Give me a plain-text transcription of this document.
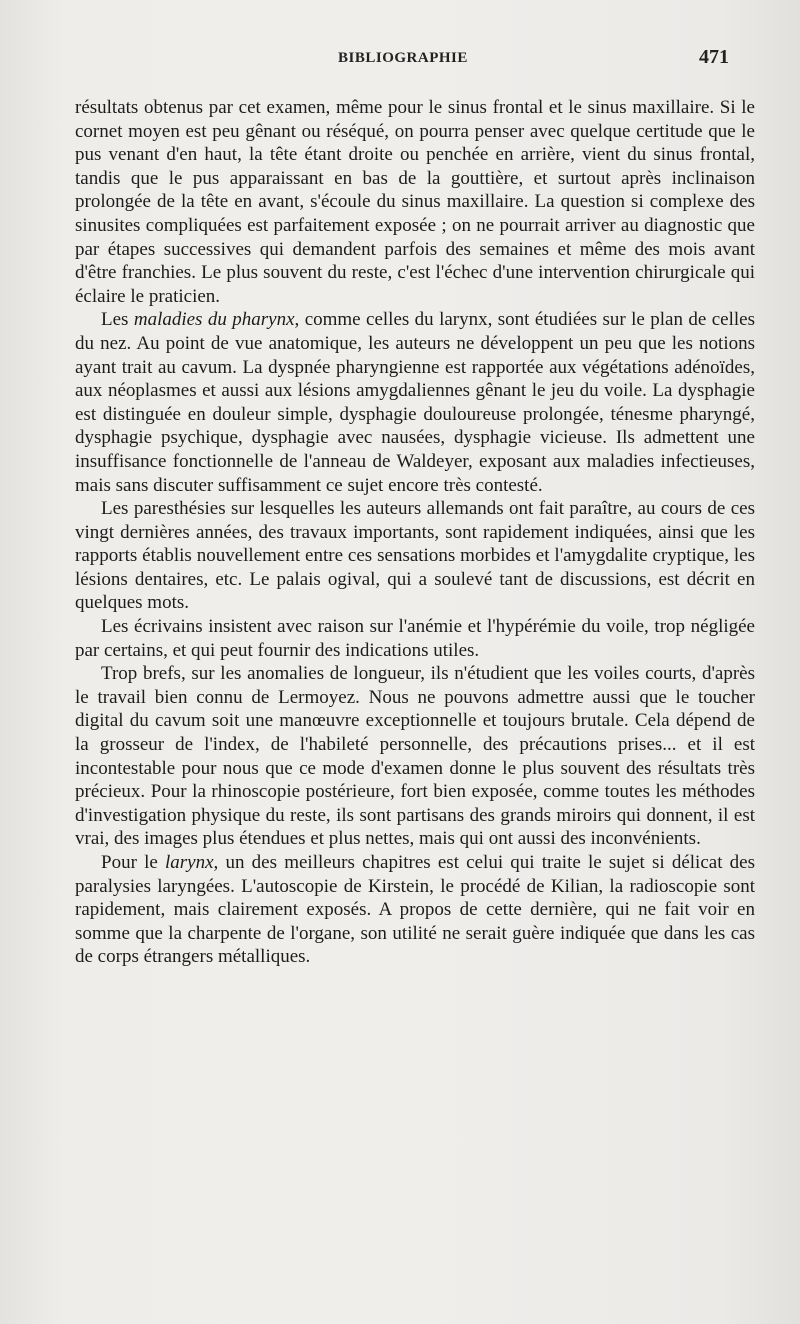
BIBLIOGRAPHIE	471

résultats obtenus par cet examen, même pour le sinus frontal et le sinus maxillaire. Si le cornet moyen est peu gênant ou réséqué, on pourra penser avec quelque certitude que le pus venant d'en haut, la tête étant droite ou penchée en arrière, vient du sinus frontal, tandis que le pus apparaissant en bas de la gouttière, et surtout après inclinaison prolongée de la tête en avant, s'écoule du sinus maxillaire. La question si complexe des sinusites compliquées est parfaitement exposée ; on ne pourrait arriver au diagnostic que par étapes successives qui demandent parfois des semaines et même des mois avant d'être franchies. Le plus souvent du reste, c'est l'échec d'une intervention chirurgicale qui éclaire le praticien.

Les maladies du pharynx, comme celles du larynx, sont étudiées sur le plan de celles du nez. Au point de vue anatomique, les auteurs ne développent un peu que les notions ayant trait au cavum. La dyspnée pharyngienne est rapportée aux végétations adénoïdes, aux néoplasmes et aussi aux lésions amygdaliennes gênant le jeu du voile. La dysphagie est distinguée en douleur simple, dysphagie douloureuse prolongée, ténesme pharyngé, dysphagie psychique, dysphagie avec nausées, dysphagie vicieuse. Ils admettent une insuffisance fonctionnelle de l'anneau de Waldeyer, exposant aux maladies infectieuses, mais sans discuter suffisamment ce sujet encore très contesté.

Les paresthésies sur lesquelles les auteurs allemands ont fait paraître, au cours de ces vingt dernières années, des travaux importants, sont rapidement indiquées, ainsi que les rapports établis nouvellement entre ces sensations morbides et l'amygdalite cryptique, les lésions dentaires, etc. Le palais ogival, qui a soulevé tant de discussions, est décrit en quelques mots.

Les écrivains insistent avec raison sur l'anémie et l'hypérémie du voile, trop négligée par certains, et qui peut fournir des indications utiles.

Trop brefs, sur les anomalies de longueur, ils n'étudient que les voiles courts, d'après le travail bien connu de Lermoyez. Nous ne pouvons admettre aussi que le toucher digital du cavum soit une manœuvre exceptionnelle et toujours brutale. Cela dépend de la grosseur de l'index, de l'habileté personnelle, des précautions prises... et il est incontestable pour nous que ce mode d'examen donne le plus souvent des résultats très précieux. Pour la rhinoscopie postérieure, fort bien exposée, comme toutes les méthodes d'investigation physique du reste, ils sont partisans des grands miroirs qui donnent, il est vrai, des images plus étendues et plus nettes, mais qui ont aussi des inconvénients.

Pour le larynx, un des meilleurs chapitres est celui qui traite le sujet si délicat des paralysies laryngées. L'autoscopie de Kirstein, le procédé de Kilian, la radioscopie sont rapidement, mais clairement exposés. A propos de cette dernière, qui ne fait voir en somme que la charpente de l'organe, son utilité ne serait guère indiquée que dans les cas de corps étrangers métalliques.
